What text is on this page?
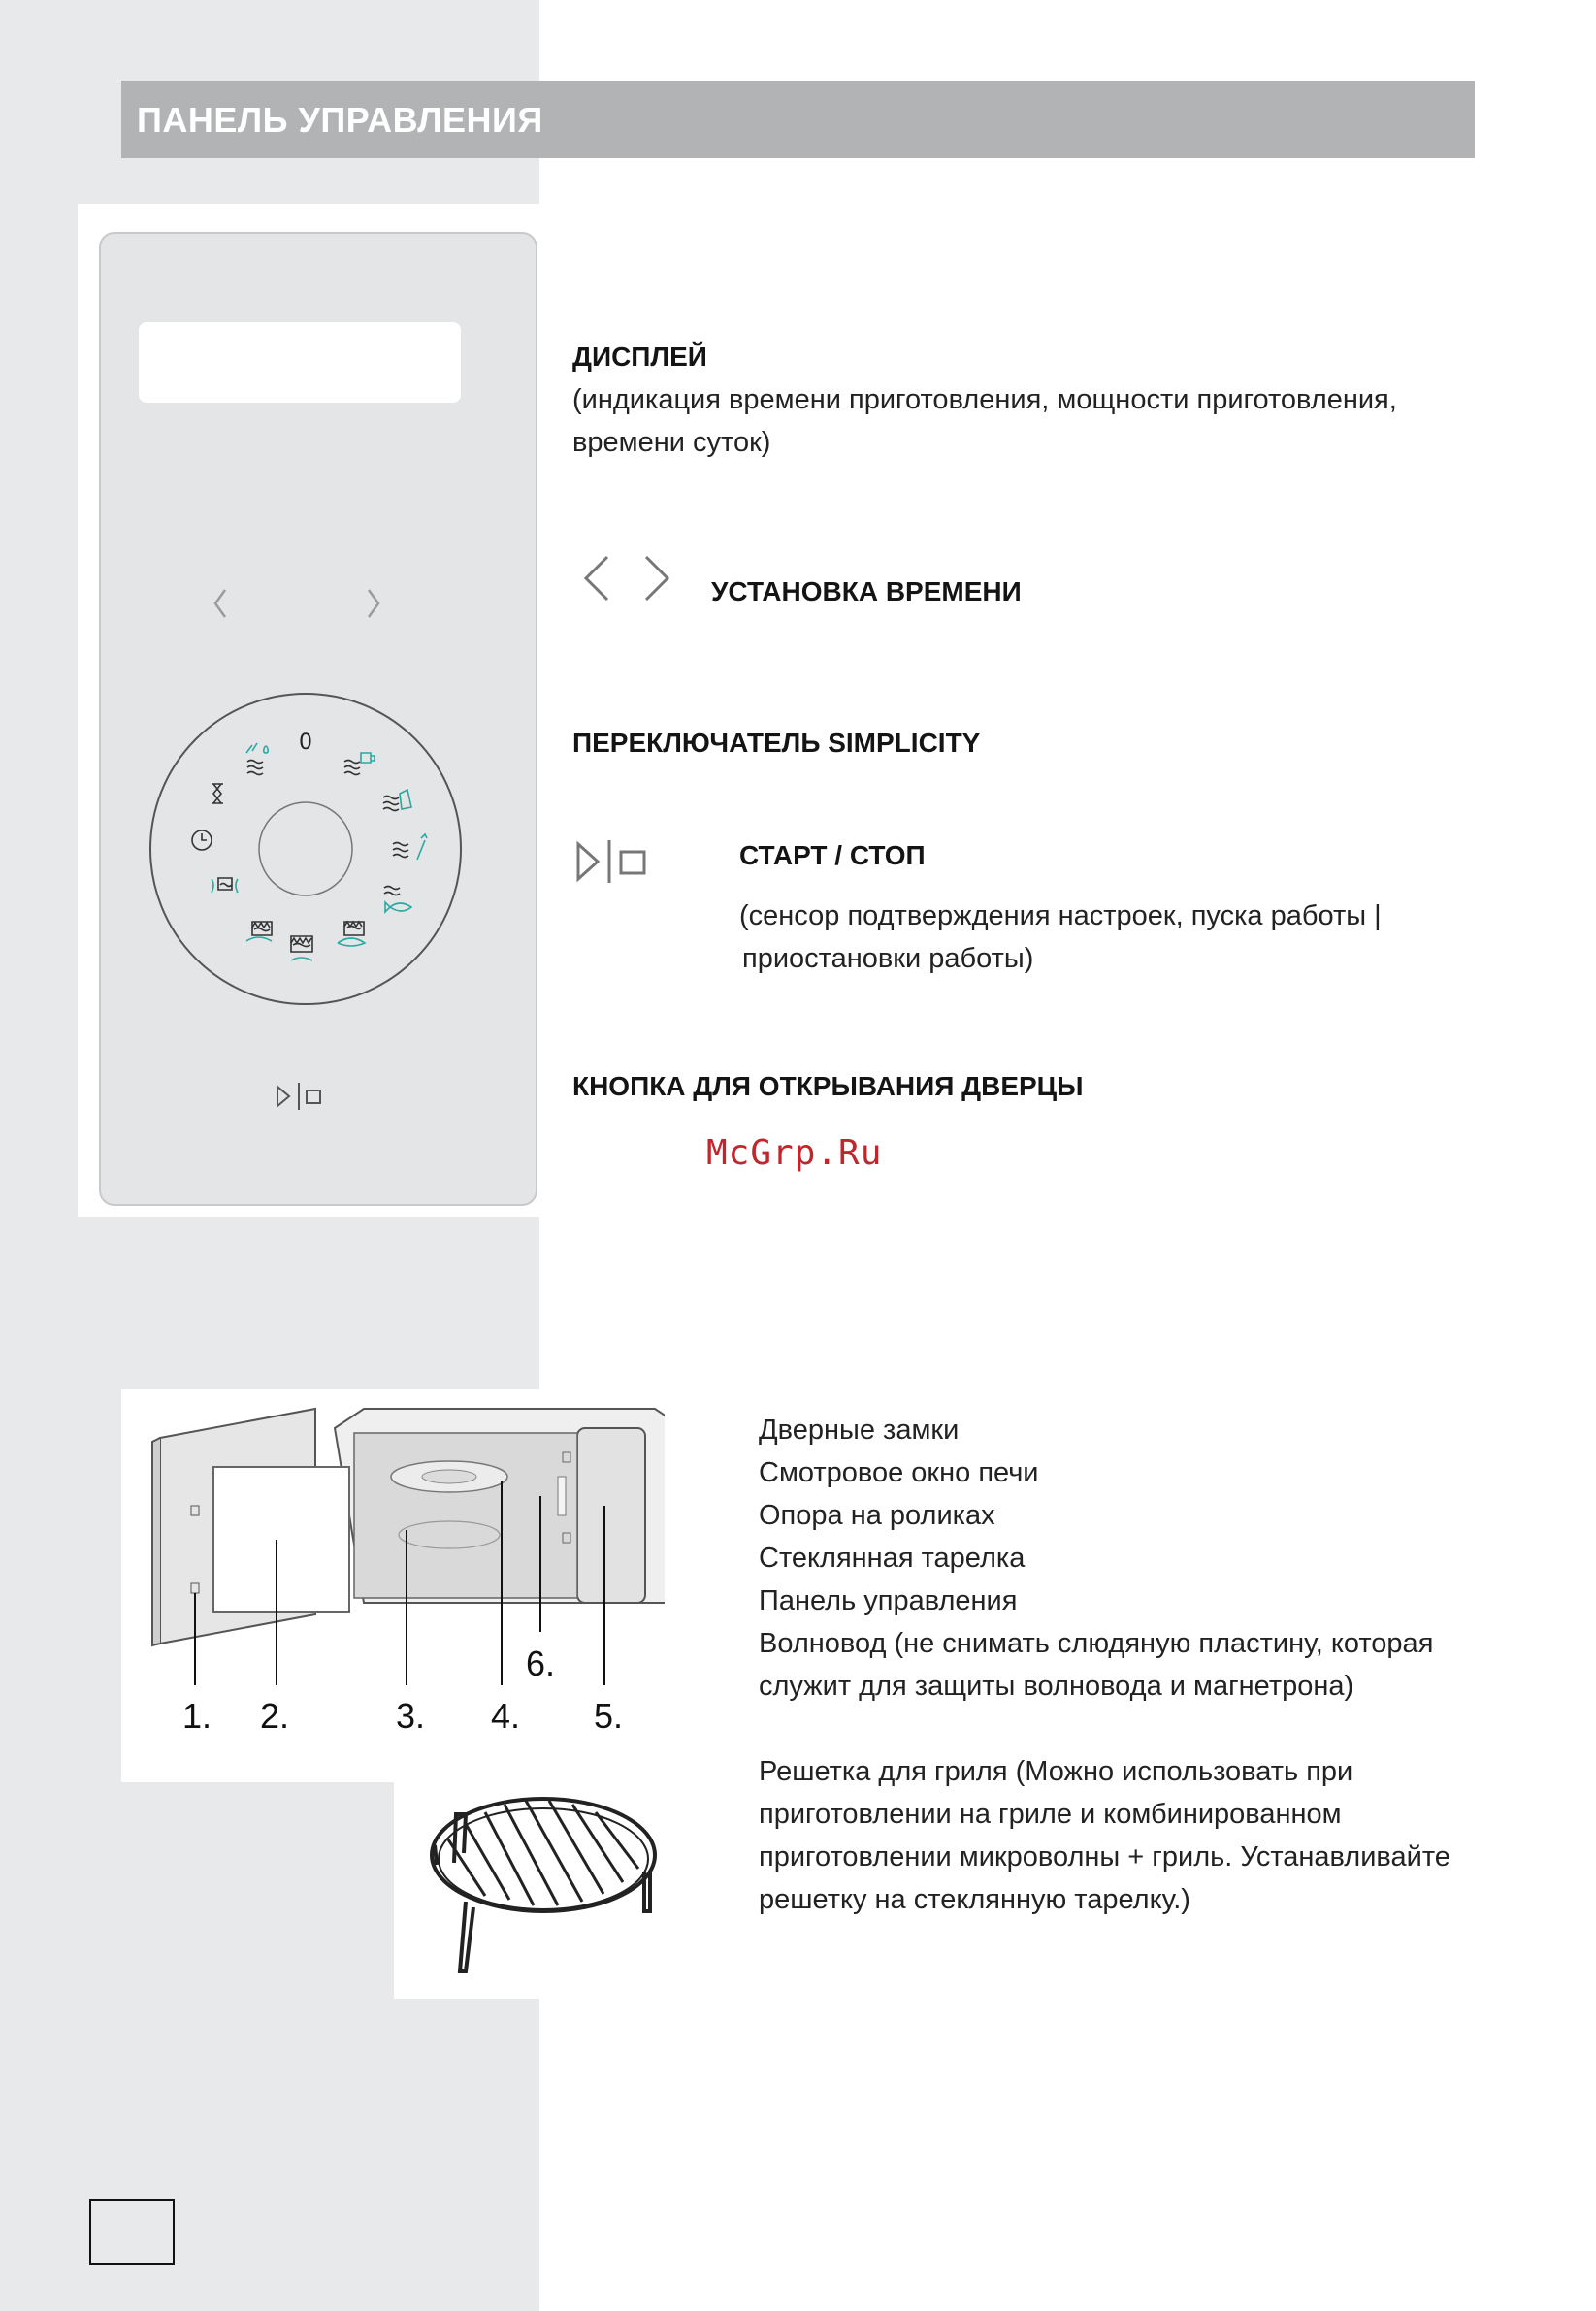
ПАНЕЛЬ УПРАВЛЕНИЯ
0
ДИСПЛЕЙ
(индикация времени приготовления, мощности приготовления,
времени суток)
УСТАНОВКА ВРЕМЕНИ
ПЕРЕКЛЮЧАТЕЛЬ SIMPLICITY
СТАРТ / СТОП
(сенсор подтверждения настроек, пуска работы |
приостановки работы)
КНОПКА ДЛЯ ОТКРЫВАНИЯ ДВЕРЦЫ
McGrp.Ru
1. 2.	3. 4. 5.
6.
Дверные замки
Смотровое окно печи
Опора на роликах
Стеклянная тарелка
Панель управления
Волновод (не снимать слюдяную пластину, которая
служит для защиты волновода и магнетрона)
Решетка для гриля (Можно использовать при
приготовлении на гриле и комбинированном
приготовлении микроволны + гриль. Устанавливайте
решетку на стеклянную тарелку.)
